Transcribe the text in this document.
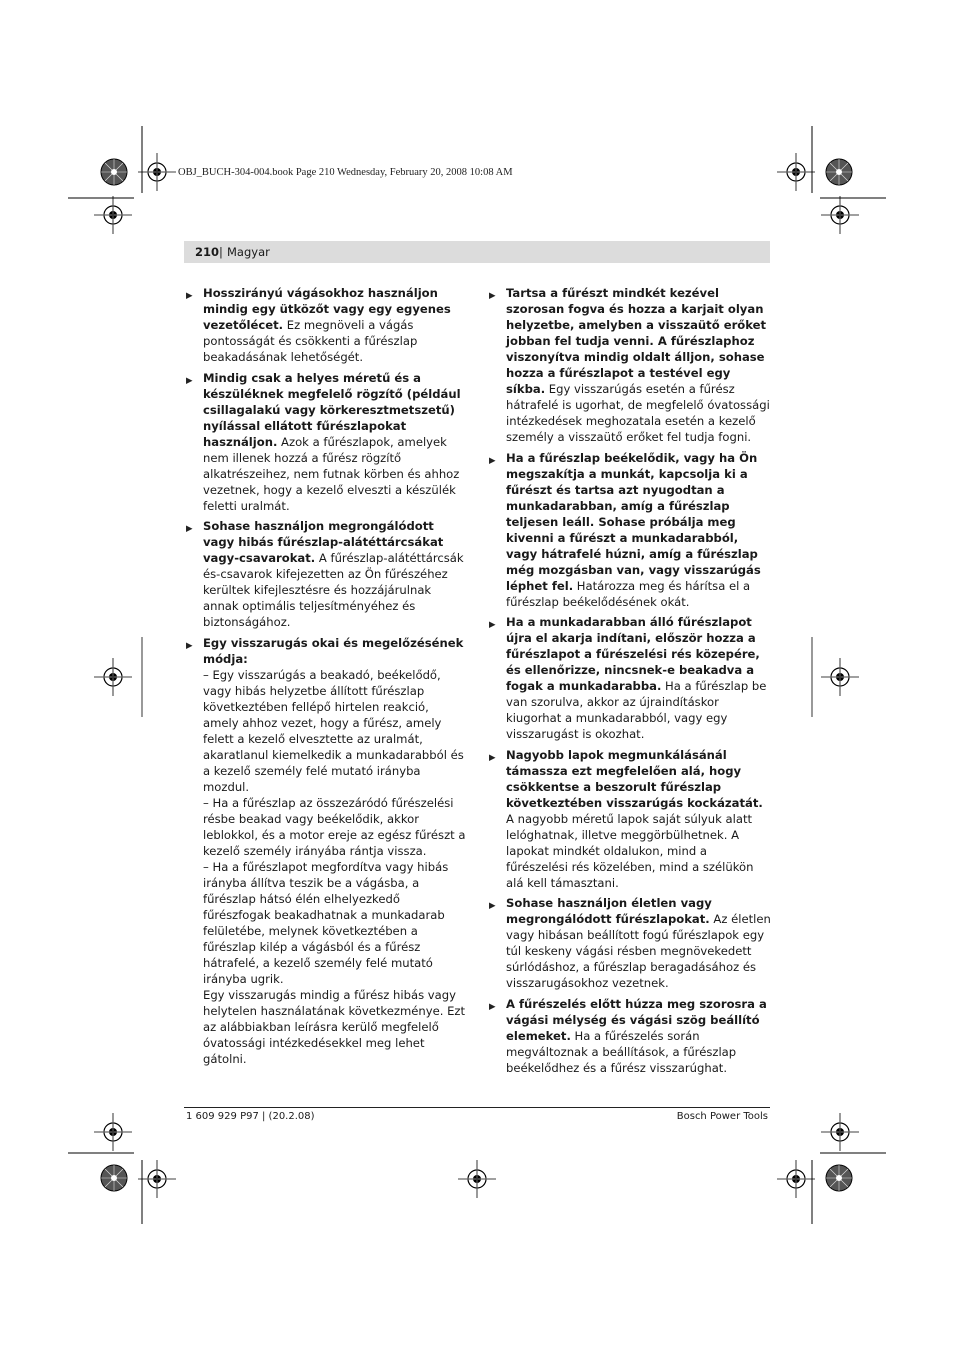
OBJ_BUCH-304-004.book Page 210 Wednesday, February 20, 2008 10:08 AM
210 | Magyar
▶ Hosszirányú vágásokhoz használjon mindig egy ütközőt vagy egy egyenes vezetőlécet. Ez megnöveli a vágás pontosságát és csökkenti a fűrészlap beakadásának lehetőségét.

▶ Mindig csak a helyes méretű és a készüléknek megfelelő rögzítő (például csillagalakú vagy körkeresztmetszetű) nyílással ellátott fűrészlapokat használjon. Azok a fűrészlapok, amelyek nem illenek hozzá a fűrész rögzítő alkatrészeihez, nem futnak körben és ahhoz vezetnek, hogy a kezelő elveszti a készülék feletti uralmát.

▶ Sohase használjon megrongálódott vagy hibás fűrészlap-alátéttárcsákat vagy-csavarokat. A fűrészlap-alátéttárcsák és-csavarok kifejezetten az Ön fűrészéhez kerültek kifejlesztésre és hozzájárulnak annak optimális teljesítményéhez és biztonságához.

▶ Egy visszarugás okai és megelőzésének módja:

– Egy visszarúgás a beakadó, beékelődő, vagy hibás helyzetbe állított fűrészlap következtében fellépő hirtelen reakció, amely ahhoz vezet, hogy a fűrész, amely felett a kezelő elvesztette az uralmát, akaratlanul kiemelkedik a munkadarabból és a kezelő személy felé mutató irányba mozdul.

– Ha a fűrészlap az összezáródó fűrészelési résbe beakad vagy beékelődik, akkor leblokkol, és a motor ereje az egész fűrészt a kezelő személy irányába rántja vissza.

– Ha a fűrészlapot megfordítva vagy hibás irányba állítva teszik be a vágásba, a fűrészlap hátsó élén elhelyezkedő fűrészfogak beakadhatnak a munkadarab felületébe, melynek következtében a fűrészlap kilép a vágásból és a fűrész hátrafelé, a kezelő személy felé mutató irányba ugrik.

Egy visszarugás mindig a fűrész hibás vagy helytelen használatának következménye. Ezt az alábbiakban leírásra kerülő megfelelő óvatossági intézkedésekkel meg lehet gátolni.

▶ Tartsa a fűrészt mindkét kezével szorosan fogva és hozza a karjait olyan helyzetbe, amelyben a visszaütő erőket jobban fel tudja venni. A fűrészlaphoz viszonyítva mindig oldalt álljon, sohase hozza a fűrészlapot a testével egy síkba. Egy visszarúgás esetén a fűrész hátrafelé is ugorhat, de megfelelő óvatossági intézkedések meghozatala esetén a kezelő személy a visszaütő erőket fel tudja fogni.

▶ Ha a fűrészlap beékelődik, vagy ha Ön megszakítja a munkát, kapcsolja ki a fűrészt és tartsa azt nyugodtan a munkadarabban, amíg a fűrészlap teljesen leáll. Sohase próbálja meg kivenni a fűrészt a munkadarabból, vagy hátrafelé húzni, amíg a fűrészlap még mozgásban van, vagy visszarúgás léphet fel. Határozza meg és hárítsa el a fűrészlap beékelődésének okát.

▶ Ha a munkadarabban álló fűrészlapot újra el akarja indítani, először hozza a fűrészlapot a fűrészelési rés közepére, és ellenőrizze, nincsnek-e beakadva a fogak a munkadarabba. Ha a fűrészlap be van szorulva, akkor az újraindításkor kiugorhat a munkadarabból, vagy egy visszarugást is okozhat.

▶ Nagyobb lapok megmunkálásánál támassza ezt megfelelően alá, hogy csökkentse a beszorult fűrészlap következtében visszarúgás kockázatát. A nagyobb méretű lapok saját súlyuk alatt lelóghatnak, illetve meggörbülhetnek. A lapokat mindkét oldalukon, mind a fűrészelési rés közelében, mind a szélükön alá kell támasztani.

▶ Sohase használjon életlen vagy megrongálódott fűrészlapokat. Az életlen vagy hibásan beállított fogú fűrészlapok egy túl keskeny vágási résben megnövekedett súrlódáshoz, a fűrészlap beragadásához és visszarugásokhoz vezetnek.

▶ A fűrészelés előtt húzza meg szorosra a vágási mélység és vágási szög beállító elemeket. Ha a fűrészelés során megváltoznak a beállítások, a fűrészlap beékelődhez és a fűrész visszarúghat.

1 609 929 P97 | (20.2.08)	Bosch Power Tools
